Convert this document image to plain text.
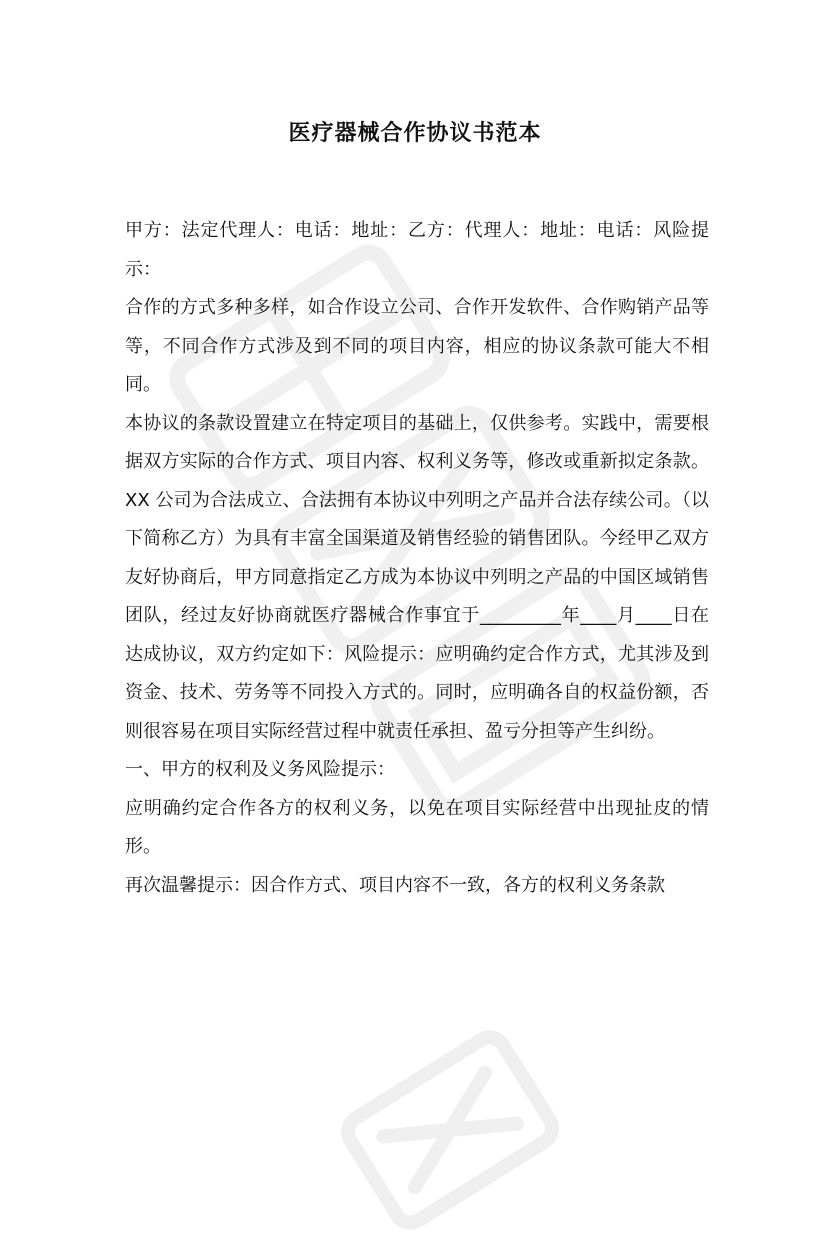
医疗器械合作协议书范本

甲方：法定代理人：电话：地址：乙方：代理人：地址：电话：风险提示：

合作的方式多种多样，如合作设立公司、合作开发软件、合作购销产品等等，不同合作方式涉及到不同的项目内容，相应的协议条款可能大不相同。

本协议的条款设置建立在特定项目的基础上，仅供参考。实践中，需要根据双方实际的合作方式、项目内容、权利义务等，修改或重新拟定条款。 XX 公司为合法成立、合法拥有本协议中列明之产品并合法存续公司。（以下简称乙方）为具有丰富全国渠道及销售经验的销售团队。今经甲乙双方友好协商后，甲方同意指定乙方成为本协议中列明之产品的中国区域销售团队，经过友好协商就医疗器械合作事宜于_________年____月____日在达成协议，双方约定如下：风险提示：应明确约定合作方式，尤其涉及到资金、技术、劳务等不同投入方式的。同时，应明确各自的权益份额，否则很容易在项目实际经营过程中就责任承担、盈亏分担等产生纠纷。

一、甲方的权利及义务风险提示：

应明确约定合作各方的权利义务，以免在项目实际经营中出现扯皮的情形。

再次温馨提示：因合作方式、项目内容不一致，各方的权利义务条款
